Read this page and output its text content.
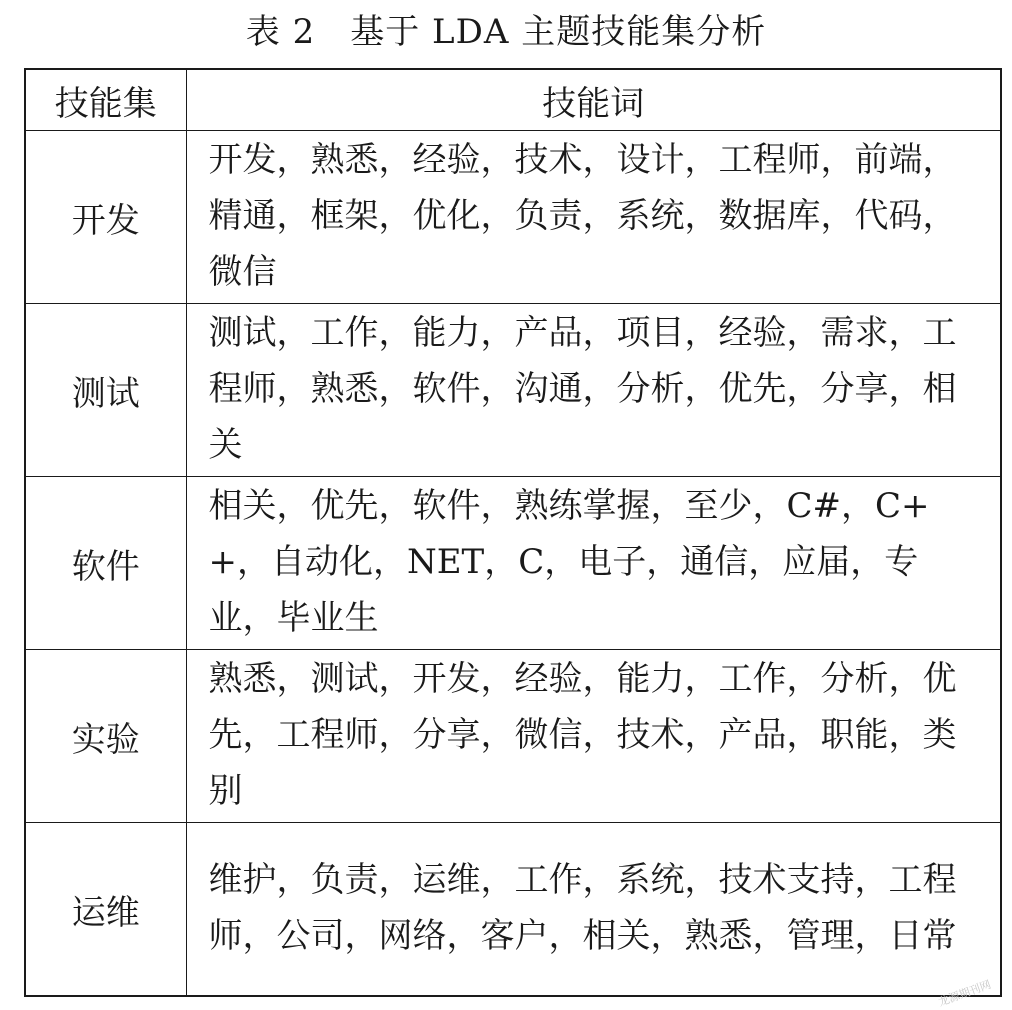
表 2　基于 LDA 主题技能集分析
技能集	技能词
开发	开发，熟悉，经验，技术，设计，工程师，前端，精通，框架，优化，负责，系统，数据库，代码，微信
测试	测试，工作，能力，产品，项目，经验，需求，工程师，熟悉，软件，沟通，分析，优先，分享，相关
软件	相关，优先，软件，熟练掌握，至少，C#，C++，自动化，NET，C，电子，通信，应届，专业，毕业生
实验	熟悉，测试，开发，经验，能力，工作，分析，优先，工程师，分享，微信，技术，产品，职能，类别
运维	维护，负责，运维，工作，系统，技术支持，工程师，公司，网络，客户，相关，熟悉，管理，日常
龙源期刊网
